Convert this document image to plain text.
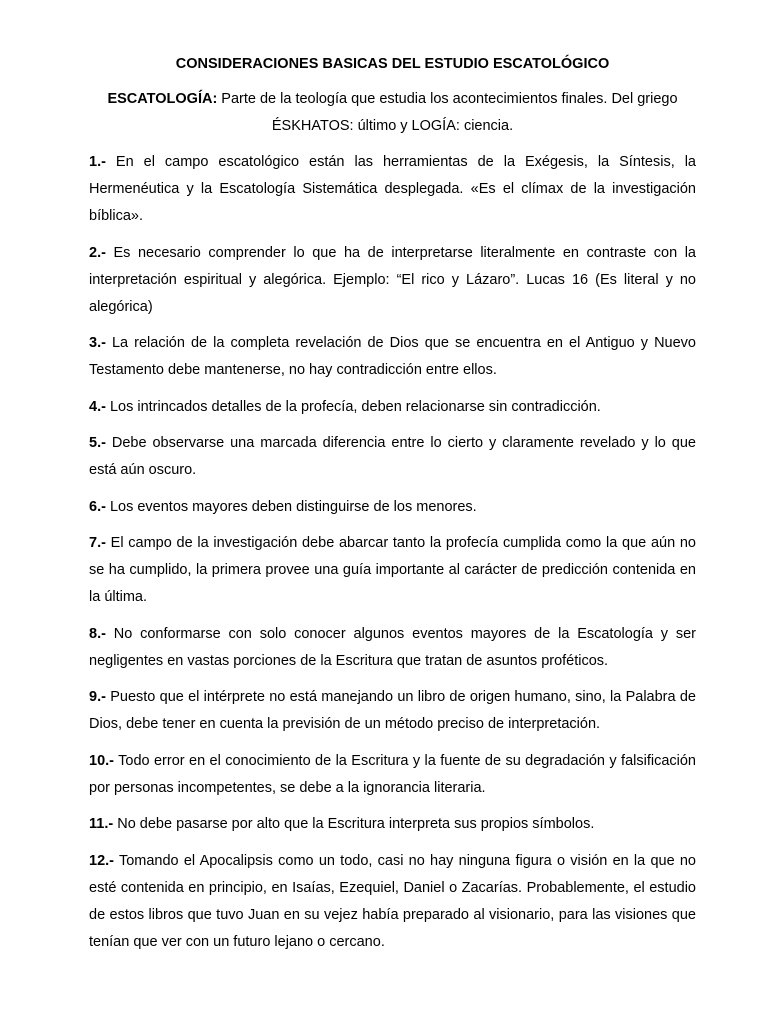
CONSIDERACIONES BASICAS DEL ESTUDIO ESCATOLÓGICO
ESCATOLOGÍA: Parte de la teología que estudia los acontecimientos finales. Del griego ÉSKHATOS: último y LOGÍA: ciencia.
1.- En el campo escatológico están las herramientas de la Exégesis, la Síntesis, la Hermenéutica y la Escatología Sistemática desplegada. «Es el clímax de la investigación bíblica».
2.- Es necesario comprender lo que ha de interpretarse literalmente en contraste con la interpretación espiritual y alegórica. Ejemplo: “El rico y Lázaro”. Lucas 16 (Es literal y no alegórica)
3.- La relación de la completa revelación de Dios que se encuentra en el Antiguo y Nuevo Testamento debe mantenerse, no hay contradicción entre ellos.
4.- Los intrincados detalles de la profecía, deben relacionarse sin contradicción.
5.- Debe observarse una marcada diferencia entre lo cierto y claramente revelado y lo que está aún oscuro.
6.- Los eventos mayores deben distinguirse de los menores.
7.- El campo de la investigación debe abarcar tanto la profecía cumplida como la que aún no se ha cumplido, la primera provee una guía importante al carácter de predicción contenida en la última.
8.- No conformarse con solo conocer algunos eventos mayores de la Escatología y ser negligentes en vastas porciones de la Escritura que tratan de asuntos proféticos.
9.- Puesto que el intérprete no está manejando un libro de origen humano, sino, la Palabra de Dios, debe tener en cuenta la previsión de un método preciso de interpretación.
10.- Todo error en el conocimiento de la Escritura y la fuente de su degradación y falsificación por personas incompetentes, se debe a la ignorancia literaria.
11.- No debe pasarse por alto que la Escritura interpreta sus propios símbolos.
12.- Tomando el Apocalipsis como un todo, casi no hay ninguna figura o visión en la que no esté contenida en principio, en Isaías, Ezequiel, Daniel o Zacarías. Probablemente, el estudio de estos libros que tuvo Juan en su vejez había preparado al visionario, para las visiones que tenían que ver con un futuro lejano o cercano.
